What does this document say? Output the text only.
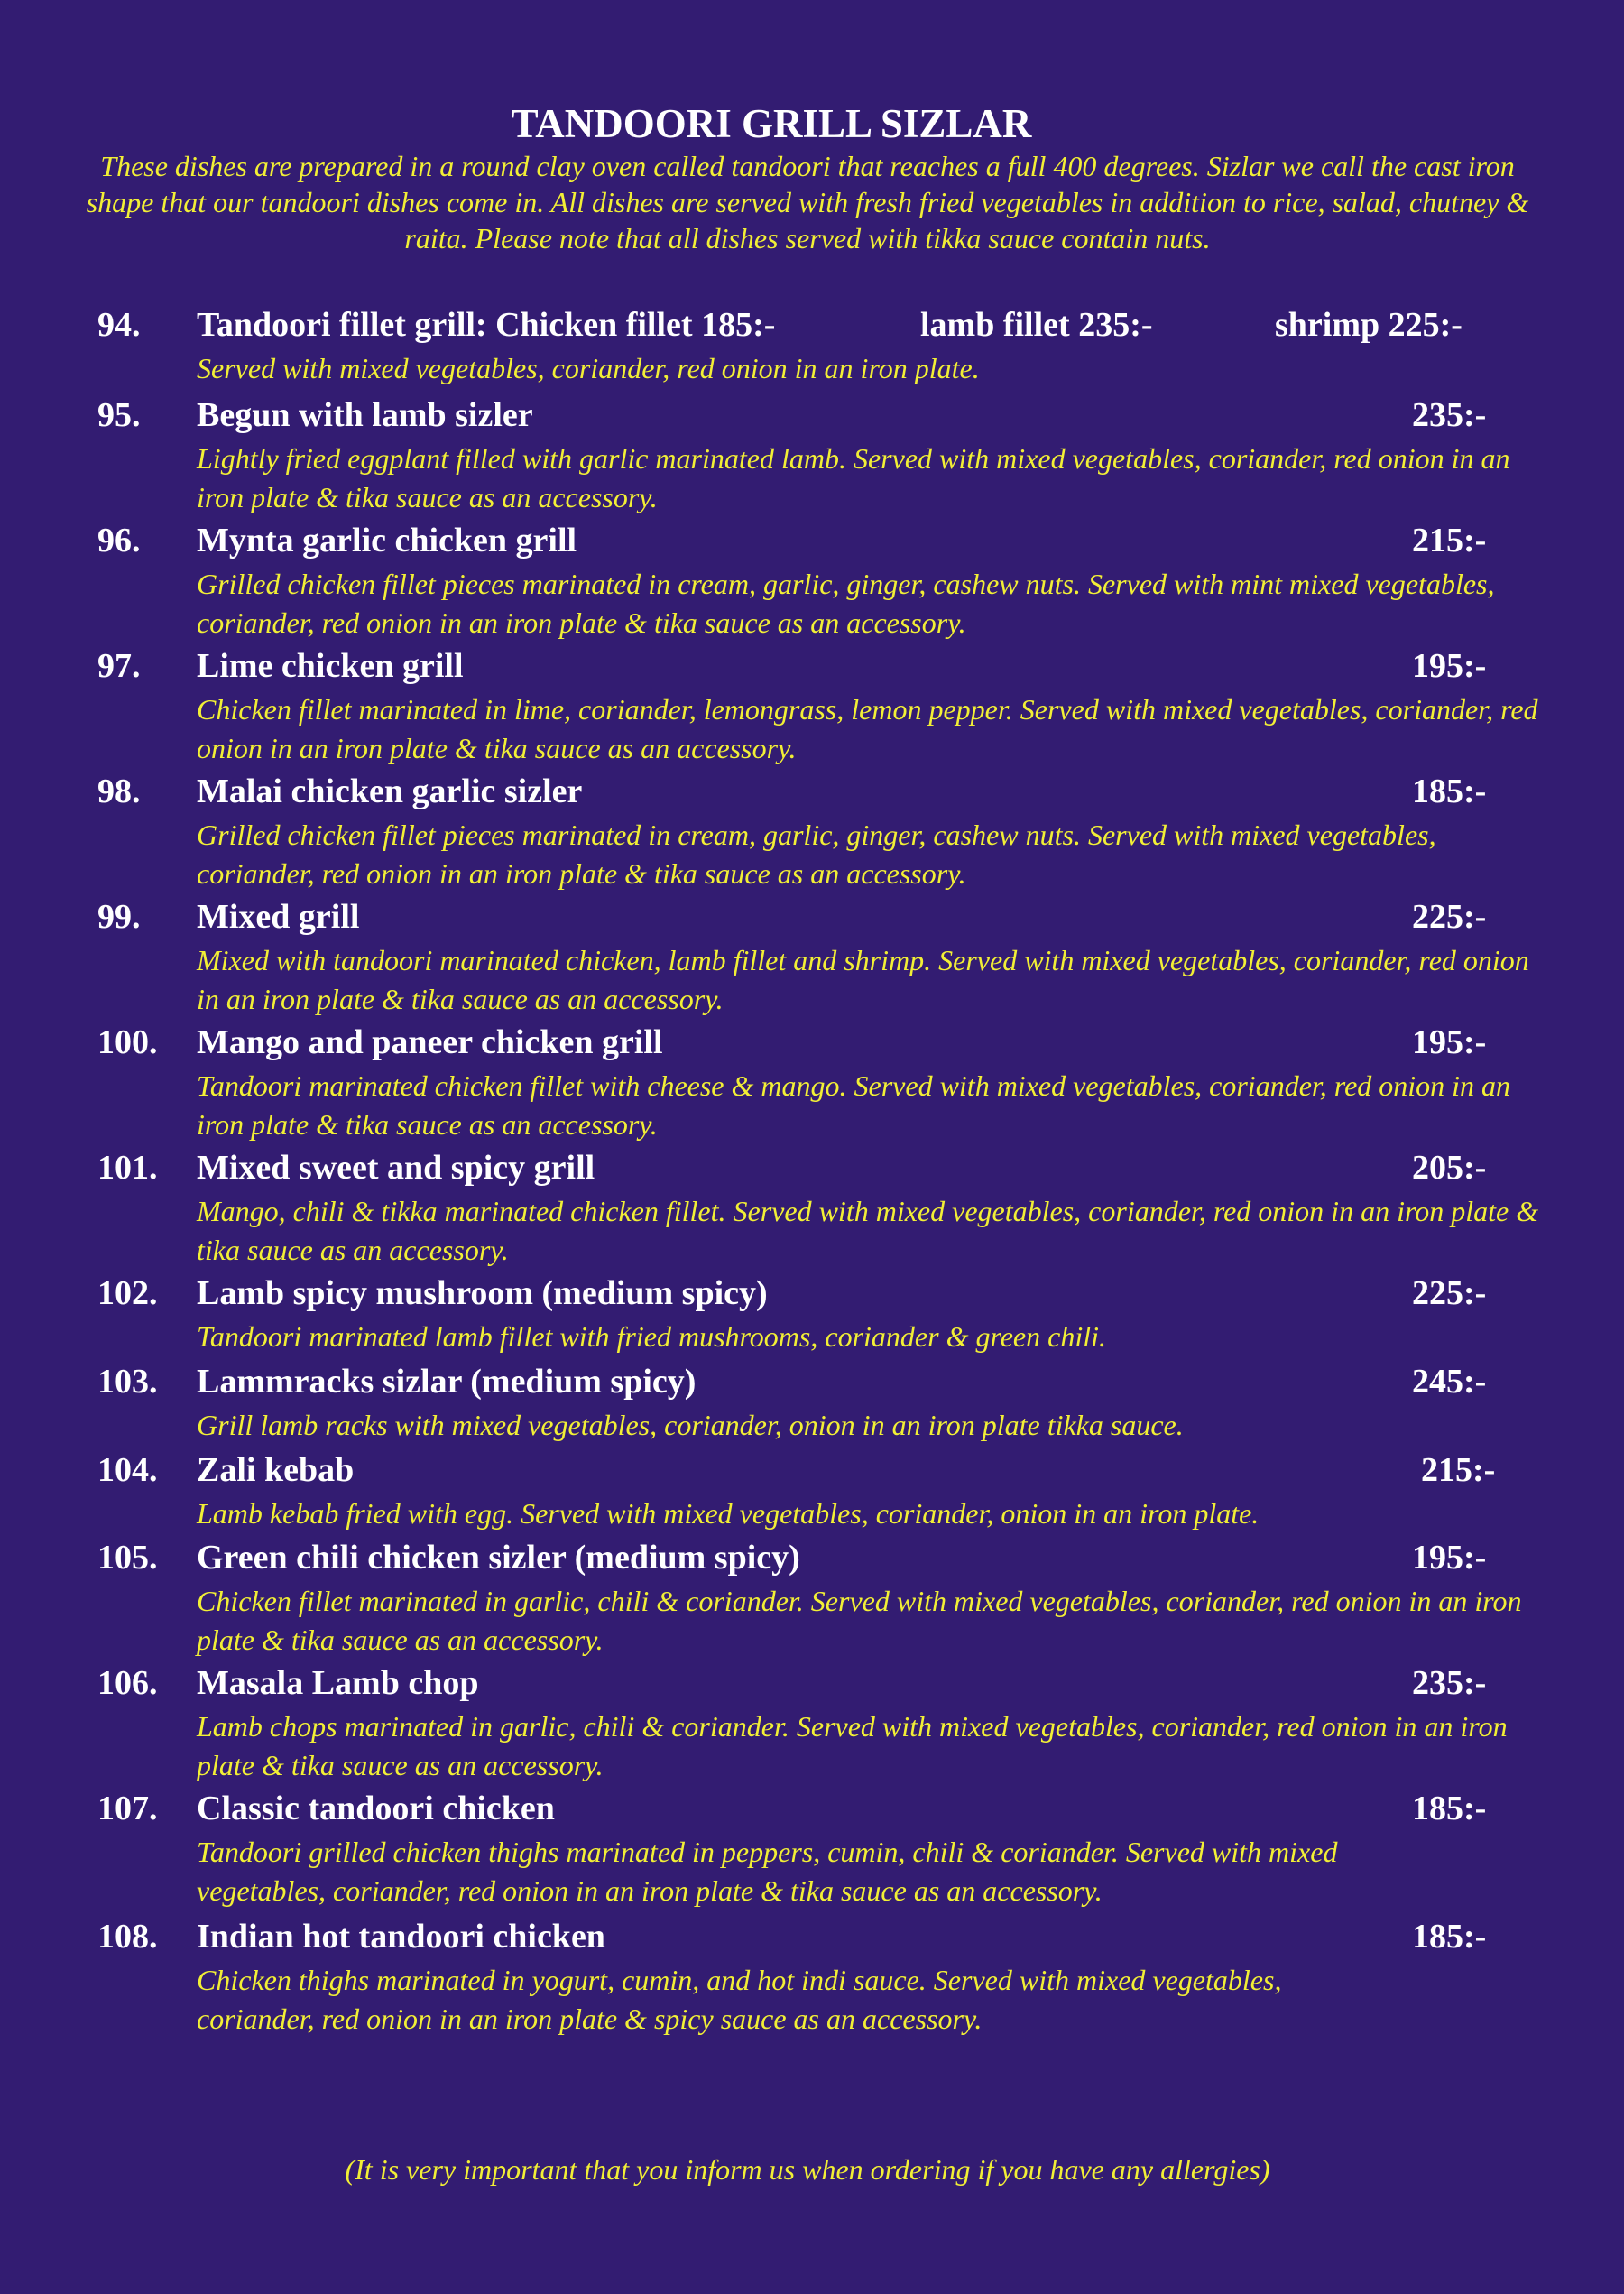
TANDOORI GRILL SIZLAR
These dishes are prepared in a round clay oven called tandoori that reaches a full 400 degrees. Sizlar we call the cast iron shape that our tandoori dishes come in. All dishes are served with fresh fried vegetables in addition to rice, salad, chutney & raita. Please note that all dishes served with tikka sauce contain nuts.
94. Tandoori fillet grill: Chicken fillet 185:-	lamb fillet 235:-	shrimp 225:-
Served with mixed vegetables, coriander, red onion in an iron plate.
95. Begun with lamb sizler	235:-
Lightly fried eggplant filled with garlic marinated lamb. Served with mixed vegetables, coriander, red onion in an iron plate & tika sauce as an accessory.
96. Mynta garlic chicken grill	215:-
Grilled chicken fillet pieces marinated in cream, garlic, ginger, cashew nuts. Served with mint mixed vegetables, coriander, red onion in an iron plate & tika sauce as an accessory.
97. Lime chicken grill	195:-
Chicken fillet marinated in lime, coriander, lemongrass, lemon pepper. Served with mixed vegetables, coriander, red onion in an iron plate & tika sauce as an accessory.
98. Malai chicken garlic sizler	185:-
Grilled chicken fillet pieces marinated in cream, garlic, ginger, cashew nuts. Served with mixed vegetables, coriander, red onion in an iron plate & tika sauce as an accessory.
99. Mixed grill	225:-
Mixed with tandoori marinated chicken, lamb fillet and shrimp. Served with mixed vegetables, coriander, red onion in an iron plate & tika sauce as an accessory.
100. Mango and paneer chicken grill	195:-
Tandoori marinated chicken fillet with cheese & mango. Served with mixed vegetables, coriander, red onion in an iron plate & tika sauce as an accessory.
101. Mixed sweet and spicy grill	205:-
Mango, chili & tikka marinated chicken fillet. Served with mixed vegetables, coriander, red onion in an iron plate & tika sauce as an accessory.
102. Lamb spicy mushroom (medium spicy)	225:-
Tandoori marinated lamb fillet with fried mushrooms, coriander & green chili.
103. Lammracks sizlar (medium spicy)	245:-
Grill lamb racks with mixed vegetables, coriander, onion in an iron plate tikka sauce.
104. Zali kebab	215:-
Lamb kebab fried with egg. Served with mixed vegetables, coriander, onion in an iron plate.
105. Green chili chicken sizler (medium spicy)	195:-
Chicken fillet marinated in garlic, chili & coriander. Served with mixed vegetables, coriander, red onion in an iron plate & tika sauce as an accessory.
106. Masala Lamb chop	235:-
Lamb chops marinated in garlic, chili & coriander. Served with mixed vegetables, coriander, red onion in an iron plate & tika sauce as an accessory.
107. Classic tandoori chicken	185:-
Tandoori grilled chicken thighs marinated in peppers, cumin, chili & coriander. Served with mixed vegetables, coriander, red onion in an iron plate & tika sauce as an accessory.
108. Indian hot tandoori chicken	185:-
Chicken thighs marinated in yogurt, cumin, and hot indi sauce. Served with mixed vegetables, coriander, red onion in an iron plate & spicy sauce as an accessory.
(It is very important that you inform us when ordering if you have any allergies)
